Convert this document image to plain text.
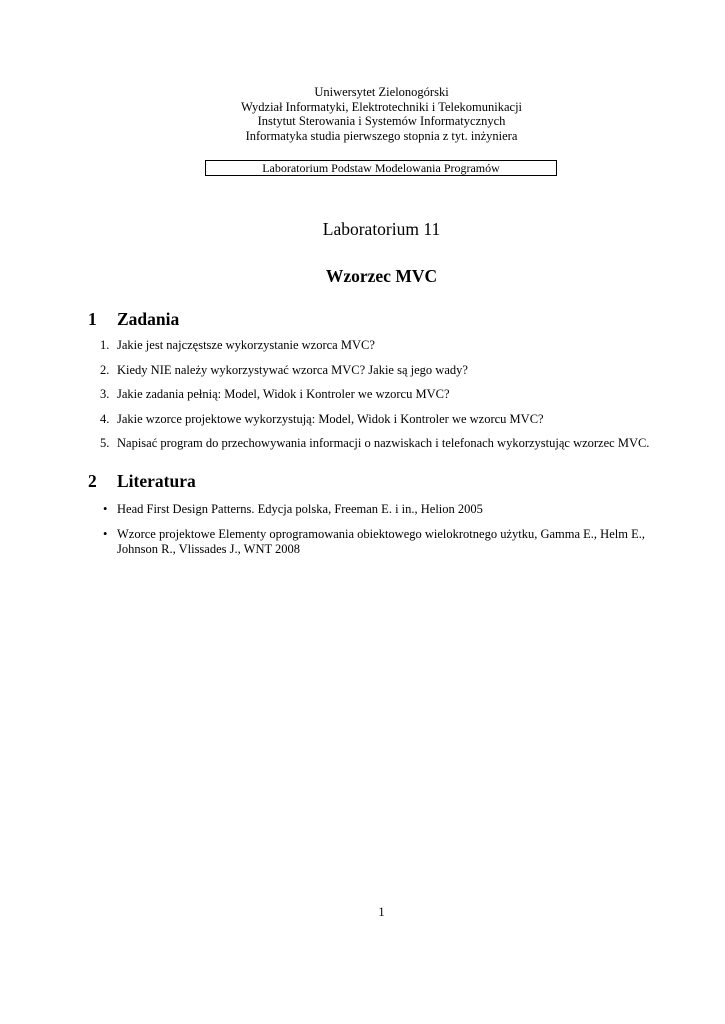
Uniwersytet Zielonogórski
Wydział Informatyki, Elektrotechniki i Telekomunikacji
Instytut Sterowania i Systemów Informatycznych
Informatyka studia pierwszego stopnia z tyt. inżyniera
Laboratorium Podstaw Modelowania Programów
Laboratorium 11
Wzorzec MVC
1 Zadania
1. Jakie jest najczęstsze wykorzystanie wzorca MVC?
2. Kiedy NIE należy wykorzystywać wzorca MVC? Jakie są jego wady?
3. Jakie zadania pełnią: Model, Widok i Kontroler we wzorcu MVC?
4. Jakie wzorce projektowe wykorzystują: Model, Widok i Kontroler we wzorcu MVC?
5. Napisać program do przechowywania informacji o nazwiskach i telefonach wykorzystując wzorzec MVC.
2 Literatura
• Head First Design Patterns. Edycja polska, Freeman E. i in., Helion 2005
• Wzorce projektowe Elementy oprogramowania obiektowego wielokrotnego użytku, Gamma E., Helm E., Johnson R., Vlissades J., WNT 2008
1
